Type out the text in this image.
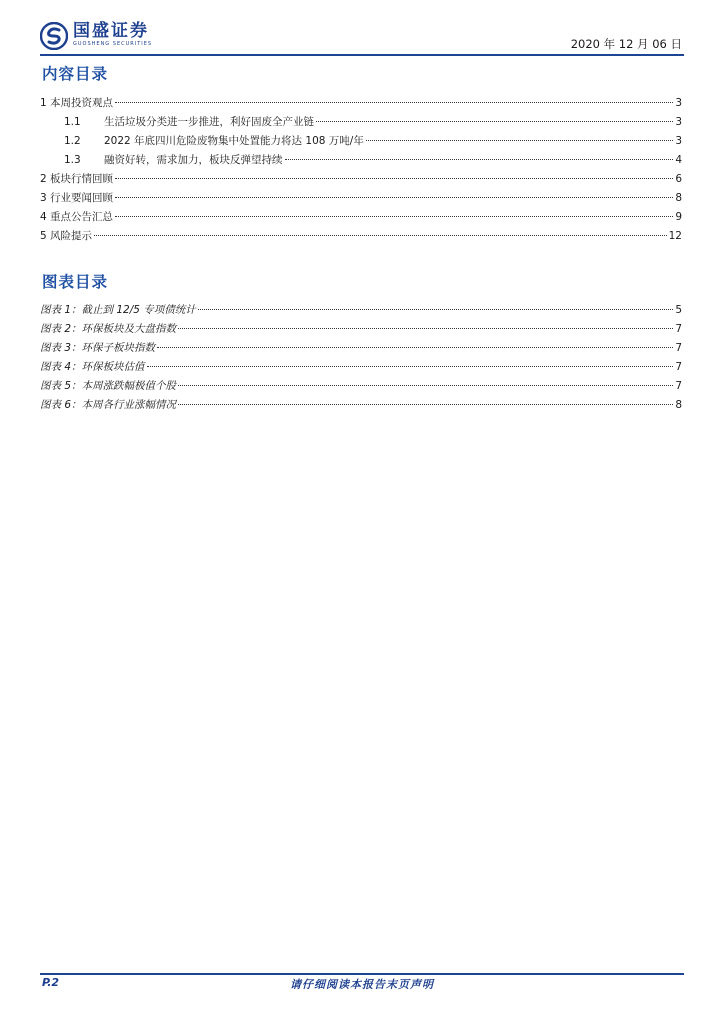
国盛证券
GUOSHENG SECURITIES	2020 年 12 月 06 日
内容目录
1 本周投资观点	3
1.1	生活垃圾分类进一步推进，利好固废全产业链	3
1.2	2022 年底四川危险废物集中处置能力将达 108 万吨/年	3
1.3	融资好转，需求加力，板块反弹望持续	4
2 板块行情回顾	6
3 行业要闻回顾	8
4 重点公告汇总	9
5 风险提示	12
图表目录
图表 1：截止到 12/5 专项债统计	5
图表 2：环保板块及大盘指数	7
图表 3：环保子板块指数	7
图表 4：环保板块估值	7
图表 5：本周涨跌幅极值个股	7
图表 6：本周各行业涨幅情况	8
P.2	请仔细阅读本报告末页声明
